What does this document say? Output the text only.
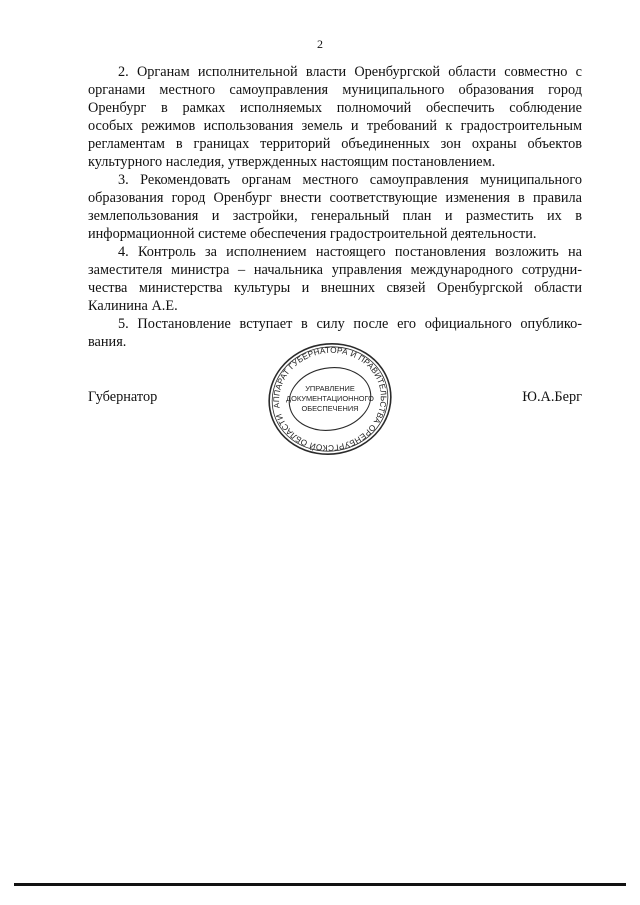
2

2. Органам исполнительной власти Оренбургской области совместно с
органами местного самоуправления муниципального образования город
Оренбург в рамках исполняемых полномочий обеспечить соблюдение
особых режимов использования земель и требований к градостроительным
регламентам в границах территорий объединенных зон охраны объектов
культурного наследия, утвержденных настоящим постановлением.

3. Рекомендовать органам местного самоуправления муниципального
образования город Оренбург внести соответствующие изменения в правила
землепользования и застройки, генеральный план и разместить их в
информационной системе обеспечения градостроительной деятельности.

4. Контроль за исполнением настоящего постановления возложить на
заместителя министра – начальника управления международного сотрудни-
чества министерства культуры и внешних связей Оренбургской области
Калинина А.Е.

5. Постановление вступает в силу после его официального опублико-
вания.

Губернатор	Ю.А.Берг
АППАРАТ ГУБЕРНАТОРА И ПРАВИТЕЛЬСТВА ОРЕНБУРГСКОЙ ОБЛАСТИ
УПРАВЛЕНИЕ
ДОКУМЕНТАЦИОННОГО
ОБЕСПЕЧЕНИЯ
